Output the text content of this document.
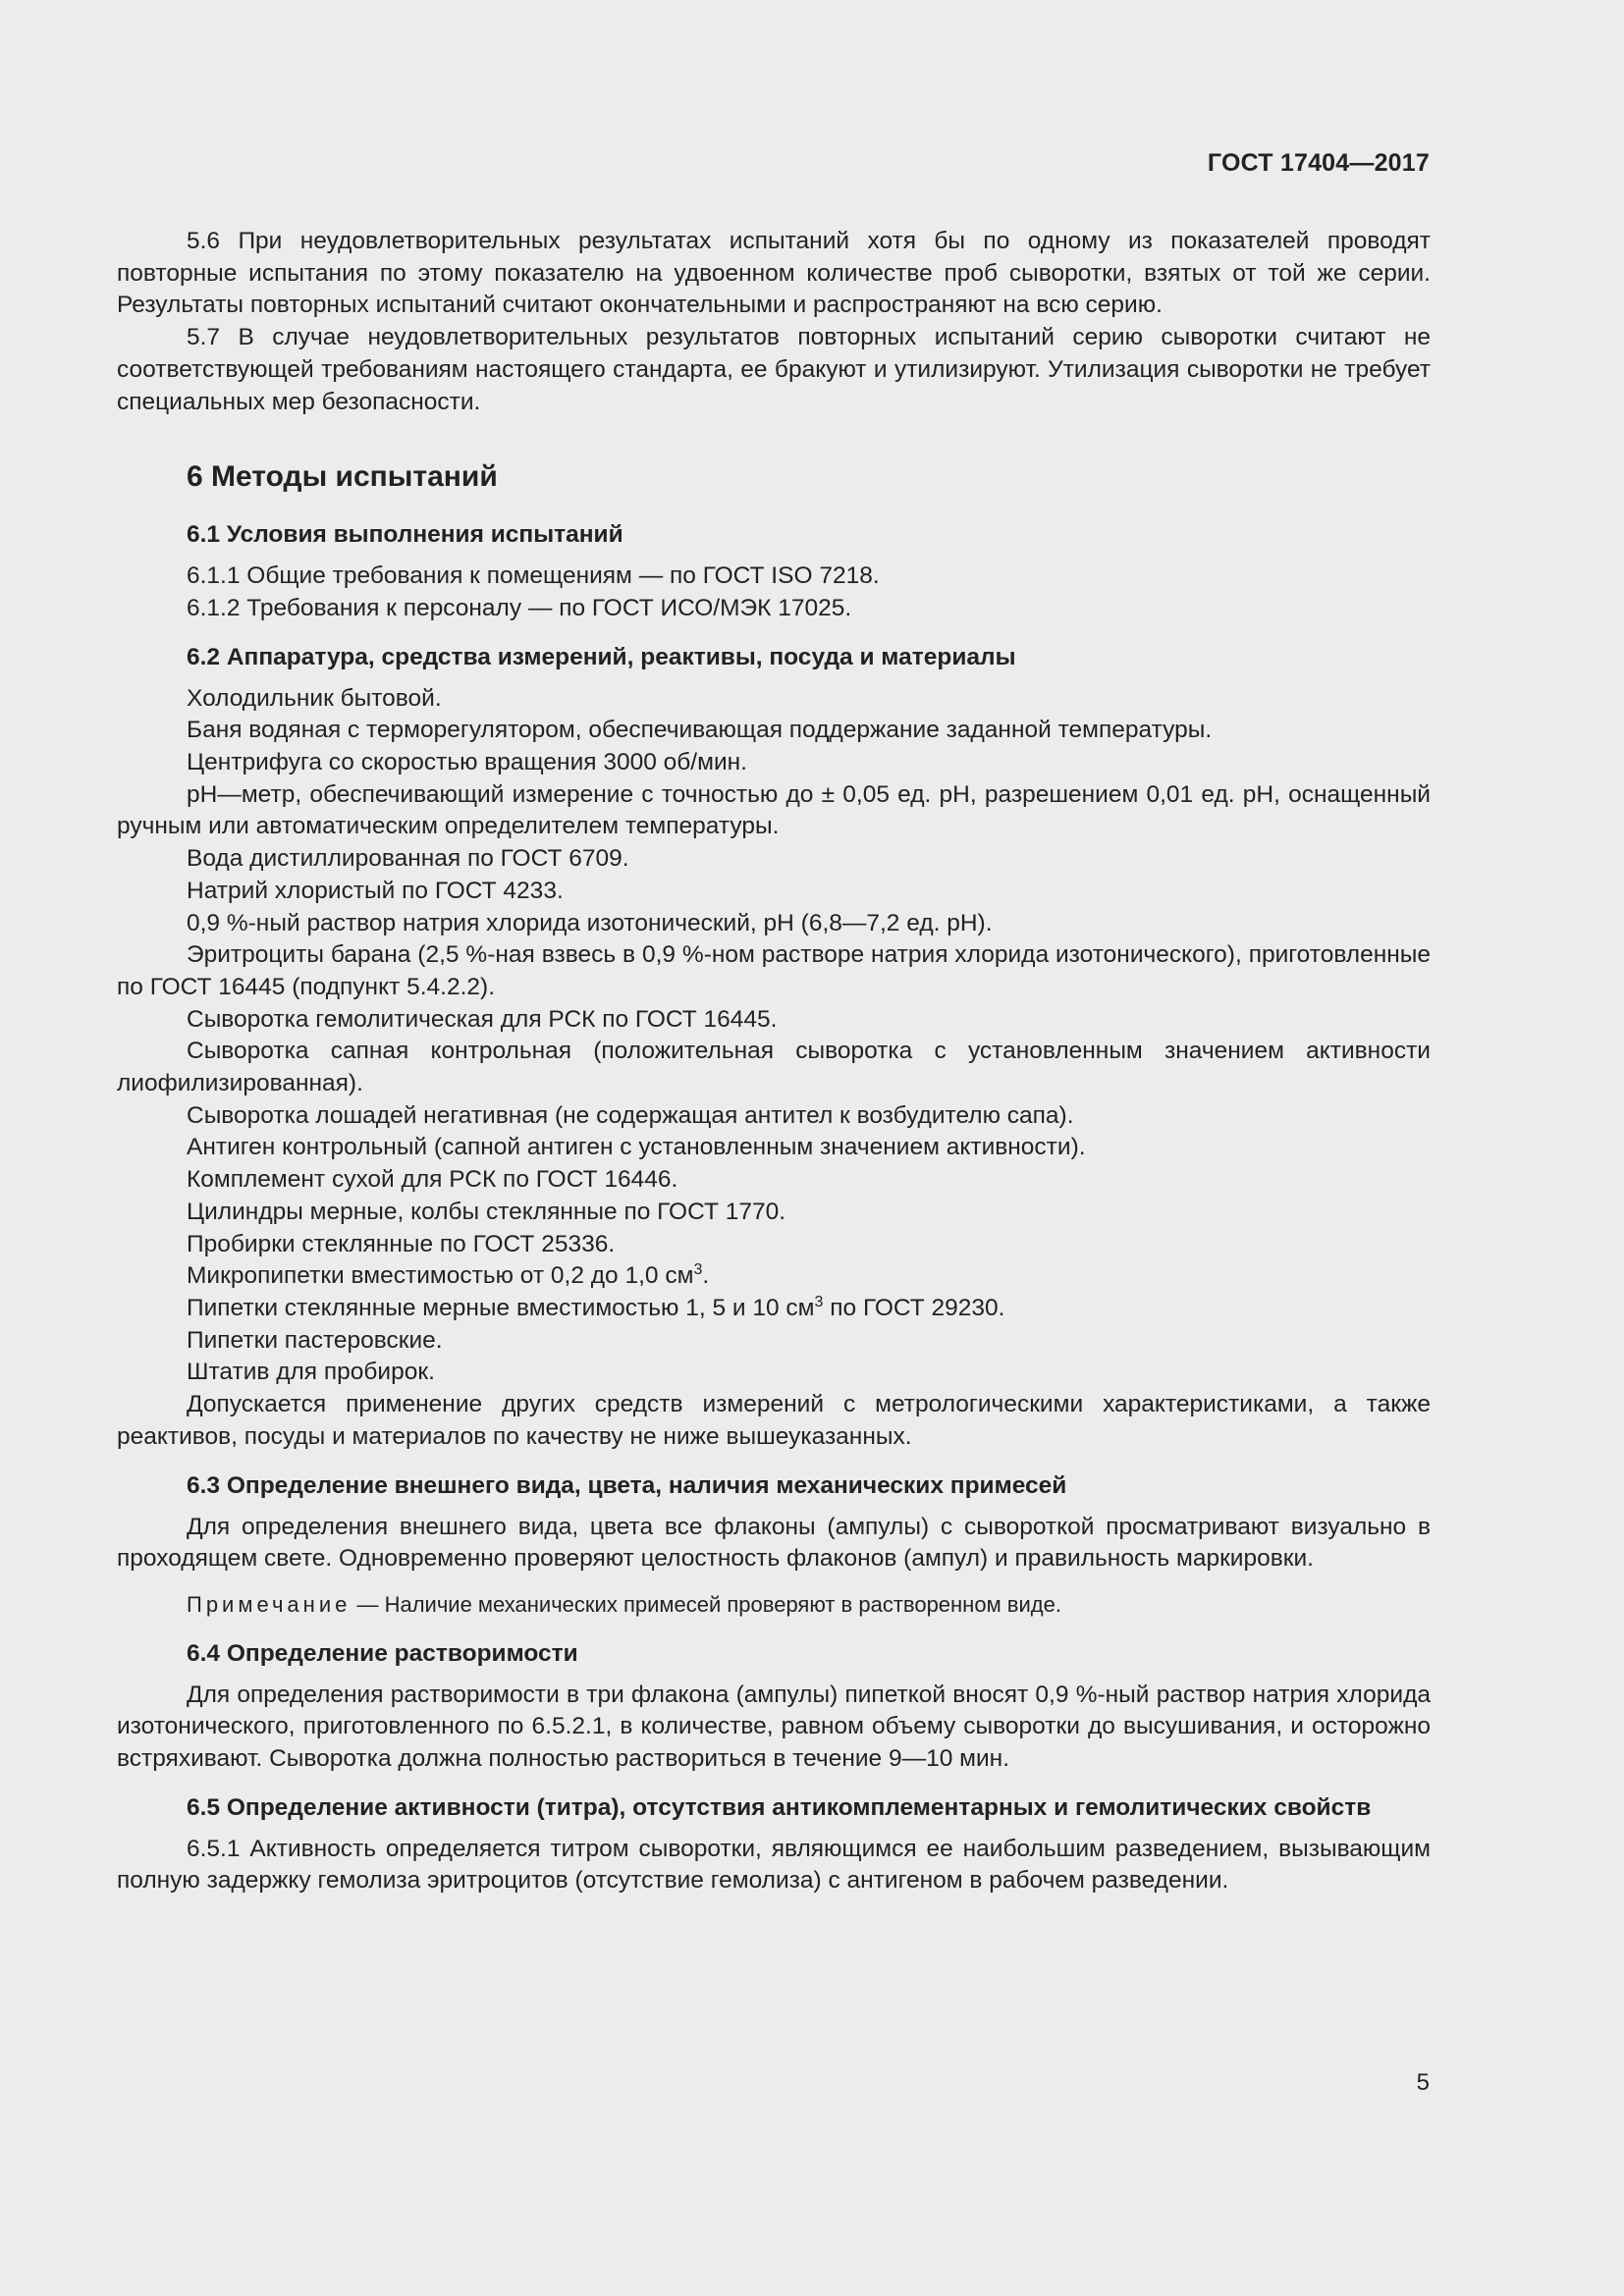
ГОСТ 17404—2017

5.6 При неудовлетворительных результатах испытаний хотя бы по одному из показателей проводят повторные испытания по этому показателю на удвоенном количестве проб сыворотки, взятых от той же серии. Результаты повторных испытаний считают окончательными и распространяют на всю серию.

5.7 В случае неудовлетворительных результатов повторных испытаний серию сыворотки считают не соответствующей требованиям настоящего стандарта, ее бракуют и утилизируют. Утилизация сыворотки не требует специальных мер безопасности.

6 Методы испытаний

6.1 Условия выполнения испытаний

6.1.1 Общие требования к помещениям — по ГОСТ ISO 7218.

6.1.2 Требования к персоналу — по ГОСТ ИСО/МЭК 17025.

6.2 Аппаратура, средства измерений, реактивы, посуда и материалы

Холодильник бытовой.

Баня водяная с терморегулятором, обеспечивающая поддержание заданной температуры.

Центрифуга со скоростью вращения 3000 об/мин.

pH—метр, обеспечивающий измерение с точностью до ± 0,05 ед. pH, разрешением 0,01 ед. pH, оснащенный ручным или автоматическим определителем температуры.

Вода дистиллированная по ГОСТ 6709.

Натрий хлористый по ГОСТ 4233.

0,9 %-ный раствор натрия хлорида изотонический, pH (6,8—7,2 ед. pH).

Эритроциты барана (2,5 %-ная взвесь в 0,9 %-ном растворе натрия хлорида изотонического), приготовленные по ГОСТ 16445 (подпункт 5.4.2.2).

Сыворотка гемолитическая для РСК по ГОСТ 16445.

Сыворотка сапная контрольная (положительная сыворотка с установленным значением активности лиофилизированная).

Сыворотка лошадей негативная (не содержащая антител к возбудителю сапа).

Антиген контрольный (сапной антиген с установленным значением активности).

Комплемент сухой для РСК по ГОСТ 16446.

Цилиндры мерные, колбы стеклянные по ГОСТ 1770.

Пробирки стеклянные по ГОСТ 25336.

Микропипетки вместимостью от 0,2 до 1,0 $см^3$.

Пипетки стеклянные мерные вместимостью 1, 5 и 10 $см^3$ по ГОСТ 29230.

Пипетки пастеровские.

Штатив для пробирок.

Допускается применение других средств измерений с метрологическими характеристиками, а также реактивов, посуды и материалов по качеству не ниже вышеуказанных.

6.3 Определение внешнего вида, цвета, наличия механических примесей

Для определения внешнего вида, цвета все флаконы (ампулы) с сывороткой просматривают визуально в проходящем свете. Одновременно проверяют целостность флаконов (ампул) и правильность маркировки.

Примечание — Наличие механических примесей проверяют в растворенном виде.

6.4 Определение растворимости

Для определения растворимости в три флакона (ампулы) пипеткой вносят 0,9 %-ный раствор натрия хлорида изотонического, приготовленного по 6.5.2.1, в количестве, равном объему сыворотки до высушивания, и осторожно встряхивают. Сыворотка должна полностью раствориться в течение 9—10 мин.

6.5 Определение активности (титра), отсутствия антикомплементарных и гемолитических свойств

6.5.1 Активность определяется титром сыворотки, являющимся ее наибольшим разведением, вызывающим полную задержку гемолиза эритроцитов (отсутствие гемолиза) с антигеном в рабочем разведении.

5
